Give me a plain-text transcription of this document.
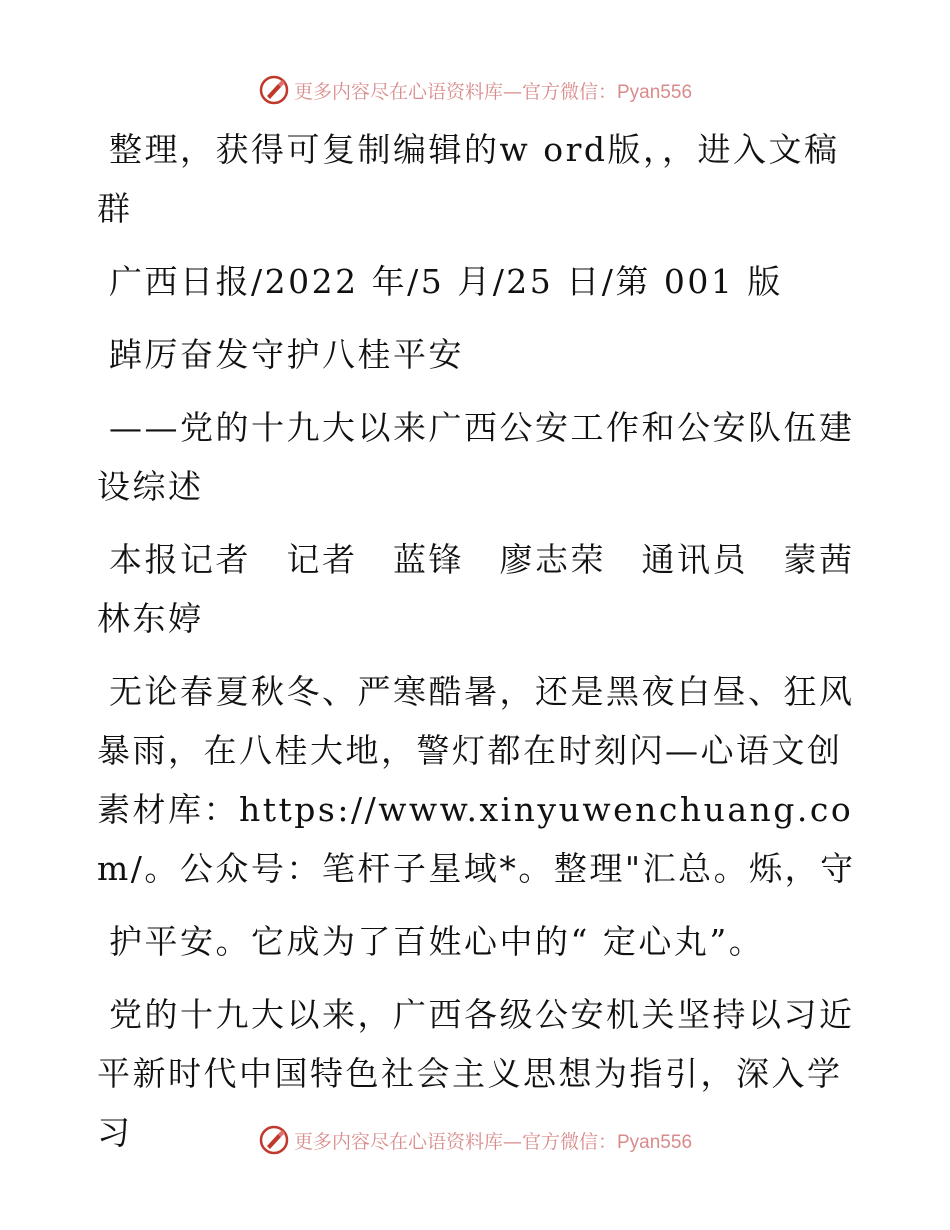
更多内容尽在心语资料库—官方微信：Pyan556

整理，获得可复制编辑的w ord版，，进入文稿群

广西日报/2022 年/5 月/25 日/第 001 版

踔厉奋发守护八桂平安

——党的十九大以来广西公安工作和公安队伍建设综述

本报记者　记者　蓝锋　廖志荣　通讯员　蒙茜林东婷

无论春夏秋冬、严寒酷暑，还是黑夜白昼、狂风暴雨，在八桂大地，警灯都在时刻闪—心语文创素材库：https://www.xinyuwenchuang.com/。公众号：笔杆子星域*。整理"汇总。烁，守

护平安。它成为了百姓心中的“ 定心丸”。

党的十九大以来，广西各级公安机关坚持以习近平新时代中国特色社会主义思想为指引，深入学习	更多内容尽在心语资料库—官方微信：Pyan556
